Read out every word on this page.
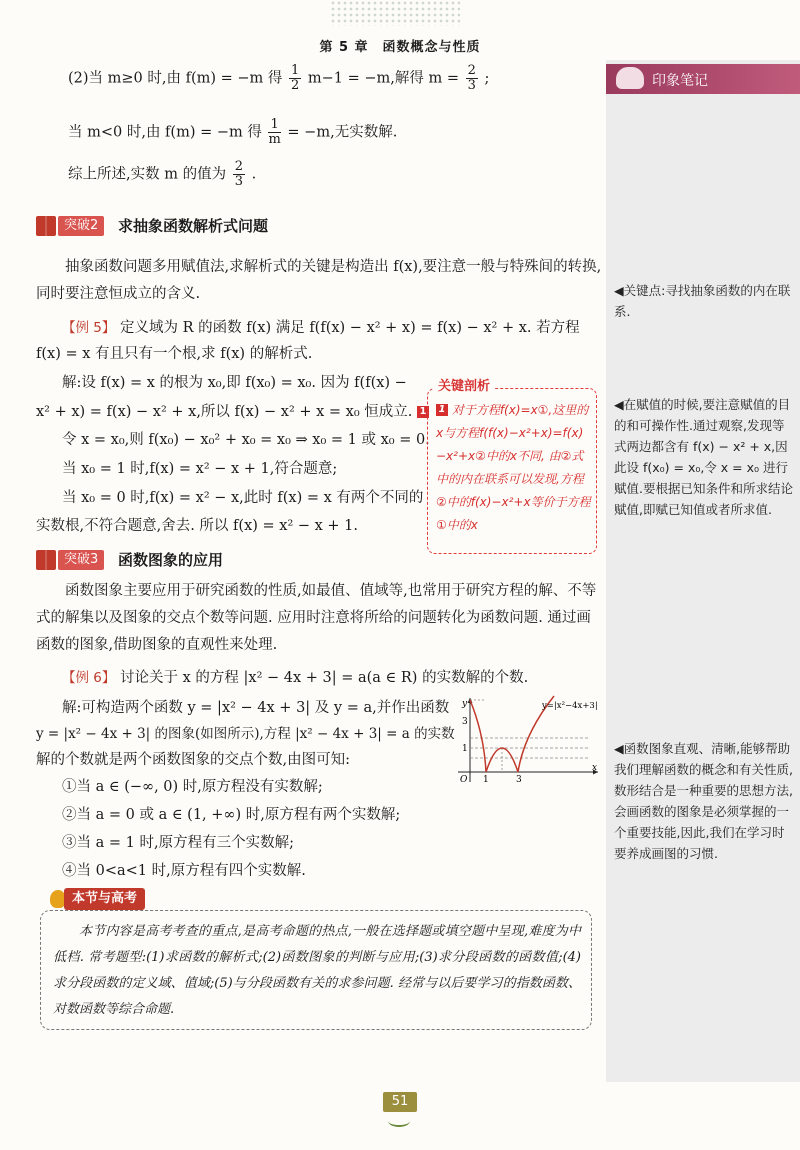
第 5 章　函数概念与性质
印象笔记
◀关键点:寻找抽象函数的内在联系.
◀在赋值的时候,要注意赋值的目的和可操作性.通过观察,发现等式两边都含有 f(x) − x² + x,因此设 f(x₀) = x₀,令 x = x₀ 进行赋值.要根据已知条件和所求结论赋值,即赋已知值或者所求值.
◀函数图象直观、清晰,能够帮助我们理解函数的概念和有关性质,数形结合是一种重要的思想方法,会画函数的图象是必须掌握的一个重要技能,因此,我们在学习时要养成画图的习惯.
(2)当 m≥0 时,由 f(m) = −m 得 $\frac{1}{2} m-1 = -m$,解得 $m = \frac{2}{3}$ ;
当 m<0 时,由 f(m) = −m 得 $\frac{1}{m} = -m$,无实数解.
综上所述,实数 m 的值为 $\frac{2}{3}$ .
突破2	求抽象函数解析式问题
抽象函数问题多用赋值法,求解析式的关键是构造出 f(x),要注意一般与特殊间的转换,同时要注意恒成立的含义.
【例 5】 定义域为 R 的函数 f(x) 满足 f(f(x) − x² + x) = f(x) − x² + x. 若方程
f(x) = x 有且只有一个根,求 f(x) 的解析式.
解:设 f(x) = x 的根为 x₀,即 f(x₀) = x₀. 因为 f(f(x) −
x² + x) = f(x) − x² + x,所以 f(x) − x² + x = x₀ 恒成立. 1
令 x = x₀,则 f(x₀) − x₀² + x₀ = x₀ ⇒ x₀ = 1 或 x₀ = 0.
当 x₀ = 1 时,f(x) = x² − x + 1,符合题意;
当 x₀ = 0 时,f(x) = x² − x,此时 f(x) = x 有两个不同的
实数根,不符合题意,舍去. 所以 f(x) = x² − x + 1.
关键剖析
1 对于方程f(x)=x①,这里的x与方程f(f(x)−x²+x)=f(x)−x²+x②中的x不同, 由②式中的内在联系可以发现,方程②中的f(x)−x²+x等价于方程①中的x
突破3	函数图象的应用
函数图象主要应用于研究函数的性质,如最值、值域等,也常用于研究方程的解、不等式的解集以及图象的交点个数等问题. 应用时注意将所给的问题转化为函数问题. 通过画函数的图象,借助图象的直观性来处理.
【例 6】 讨论关于 x 的方程 |x² − 4x + 3| = a(a ∈ R) 的实数解的个数.
解:可构造两个函数 y = |x² − 4x + 3| 及 y = a,并作出函数
y = |x² − 4x + 3| 的图象(如图所示),方程 |x² − 4x + 3| = a 的实数
解的个数就是两个函数图象的交点个数,由图可知:
①当 a ∈ (−∞, 0) 时,原方程没有实数解;
②当 a = 0 或 a ∈ (1, +∞) 时,原方程有两个实数解;
③当 a = 1 时,原方程有三个实数解;
④当 0<a<1 时,原方程有四个实数解.
y=|x²−4x+3|
x
y
O 1	3
3
1
本节与高考
本节内容是高考考查的重点,是高考命题的热点,一般在选择题或填空题中呈现,难度为中低档. 常考题型:(1)求函数的解析式;(2)函数图象的判断与应用;(3)求分段函数的函数值;(4)求分段函数的定义域、值域;(5)与分段函数有关的求参问题. 经常与以后要学习的指数函数、对数函数等综合命题.
51
